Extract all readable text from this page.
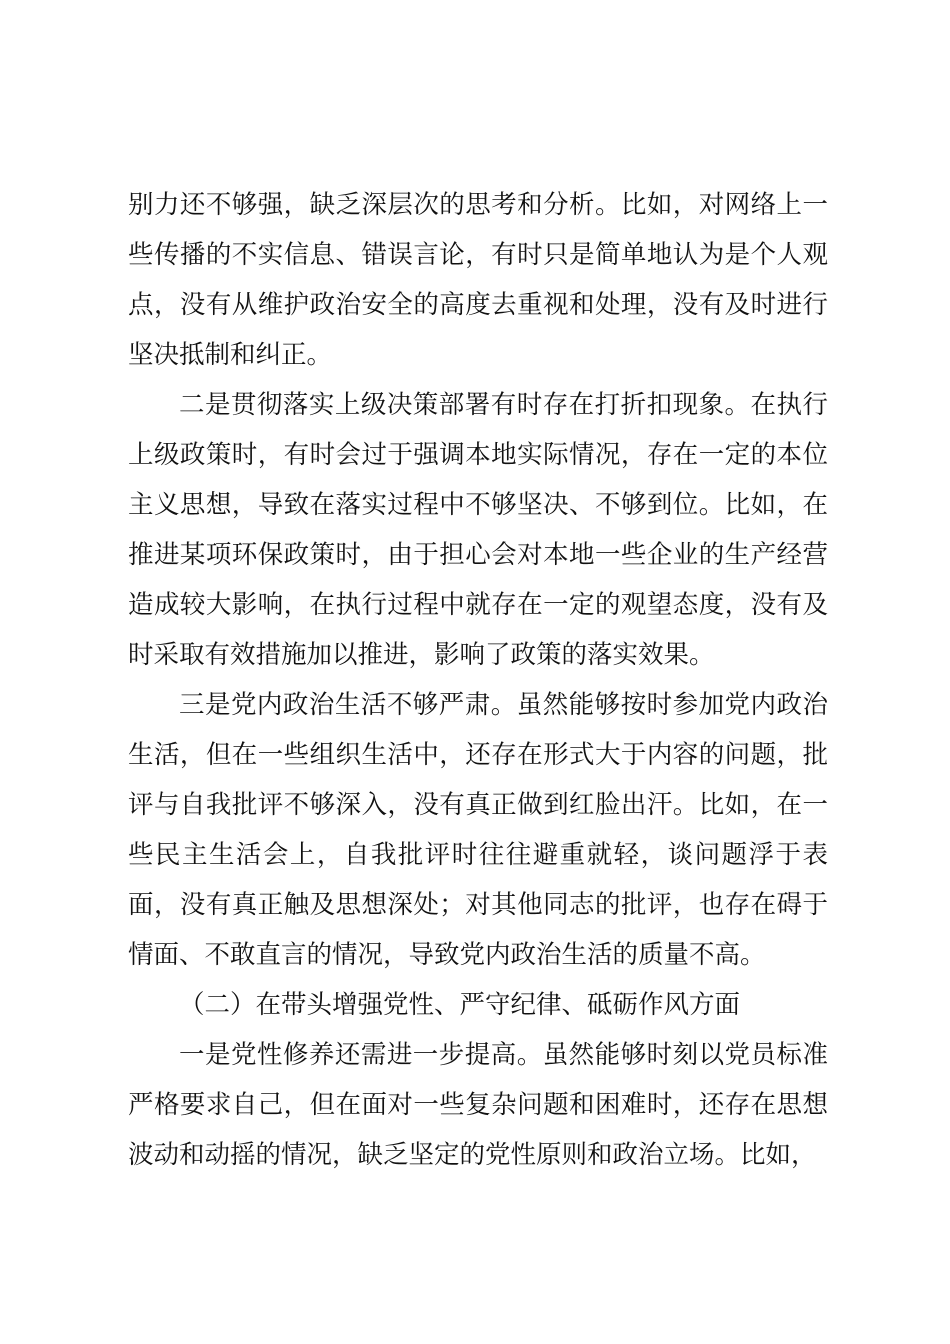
别力还不够强，缺乏深层次的思考和分析。比如，对网络上一些传播的不实信息、错误言论，有时只是简单地认为是个人观点，没有从维护政治安全的高度去重视和处理，没有及时进行坚决抵制和纠正。

二是贯彻落实上级决策部署有时存在打折扣现象。在执行上级政策时，有时会过于强调本地实际情况，存在一定的本位主义思想，导致在落实过程中不够坚决、不够到位。比如，在推进某项环保政策时，由于担心会对本地一些企业的生产经营造成较大影响，在执行过程中就存在一定的观望态度，没有及时采取有效措施加以推进，影响了政策的落实效果。

三是党内政治生活不够严肃。虽然能够按时参加党内政治生活，但在一些组织生活中，还存在形式大于内容的问题，批评与自我批评不够深入，没有真正做到红脸出汗。比如，在一些民主生活会上，自我批评时往往避重就轻，谈问题浮于表面，没有真正触及思想深处；对其他同志的批评，也存在碍于情面、不敢直言的情况，导致党内政治生活的质量不高。

（二）在带头增强党性、严守纪律、砥砺作风方面

一是党性修养还需进一步提高。虽然能够时刻以党员标准严格要求自己，但在面对一些复杂问题和困难时，还存在思想波动和动摇的情况，缺乏坚定的党性原则和政治立场。比如，
